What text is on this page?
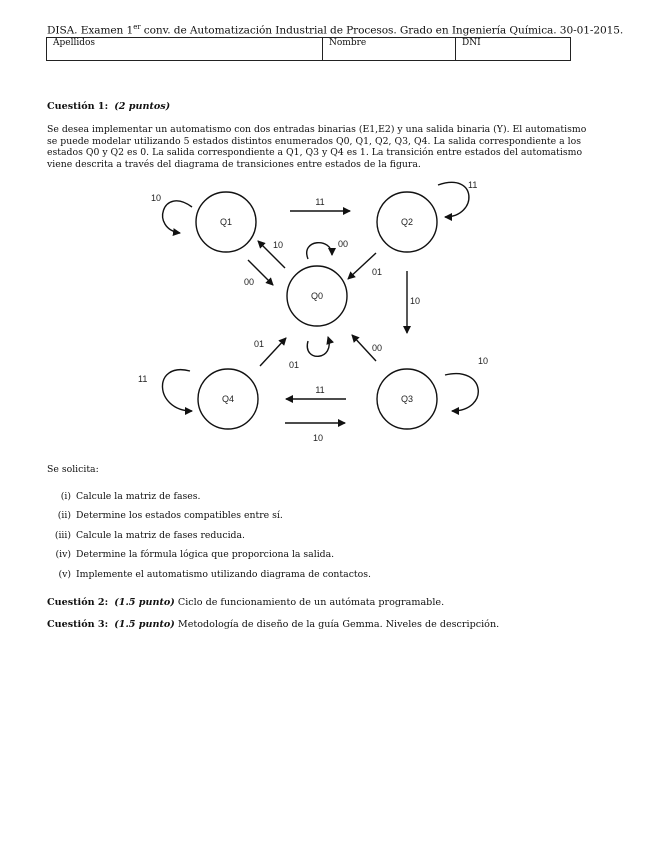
DISA. Examen 1er conv. de Automatización Industrial de Procesos. Grado en Ingeniería Química. 30-01-2015.
Apellidos	Nombre	DNI
Cuestión 1: (2 puntos)
Se desea implementar un automatismo con dos entradas binarias (E1,E2) y una salida binaria (Y). El automatismo
se puede modelar utilizando 5 estados distintos enumerados Q0, Q1, Q2, Q3, Q4. La salida correspondiente a los
estados Q0 y Q2 es 0. La salida correspondiente a Q1, Q3 y Q4 es 1. La transición entre estados del automatismo
viene descrita a través del diagrama de transiciones entre estados de la figura.
Q1	Q2
Q0
Q4	Q3
10
11
10
11
00
01
11
10
00
01
10
00
01
11
10
Se solicita:
(i) Calcule la matriz de fases.
(ii) Determine los estados compatibles entre sí.
(iii) Calcule la matriz de fases reducida.
(iv) Determine la fórmula lógica que proporciona la salida.
(v) Implemente el automatismo utilizando diagrama de contactos.
Cuestión 2: (1.5 punto) Ciclo de funcionamiento de un autómata programable.
Cuestión 3: (1.5 punto) Metodología de diseño de la guía Gemma. Niveles de descripción.
